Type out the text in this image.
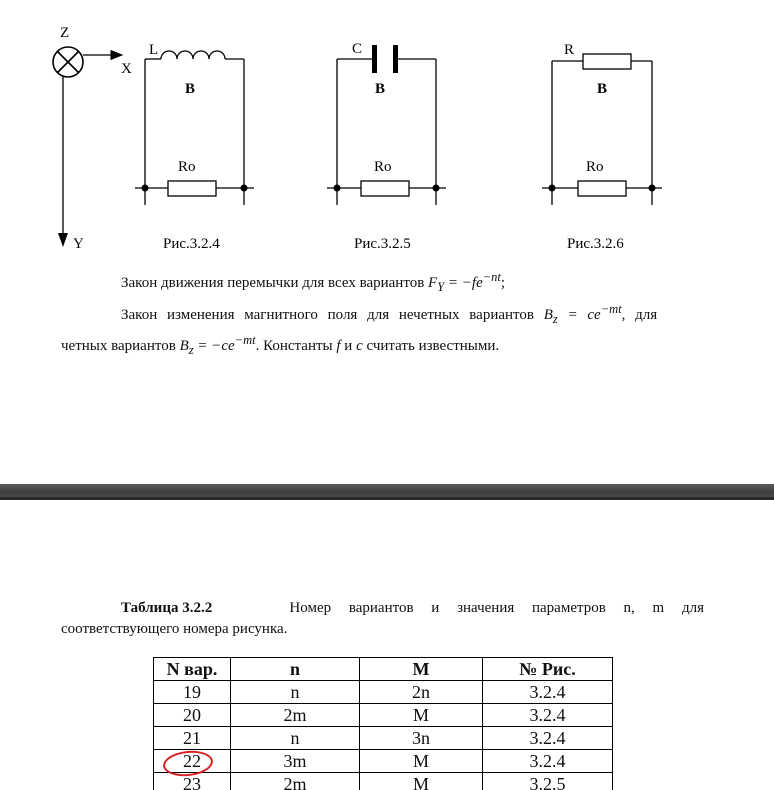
Z
X
Y
L
B
Ro
Рис.3.2.4
C
B
Ro
Рис.3.2.5
R
B
Ro
Рис.3.2.6
Закон движения перемычки для всех вариантов $F_Y = -fe^{-nt}$;
Закон изменения магнитного поля для нечетных вариантов $B_z = ce^{-mt}$, для
четных вариантов $B_z = -ce^{-mt}$. Константы f и c считать известными.
Таблица 3.2.2	Номер вариантов и значения параметров n, m для
соответствующего номера рисунка.
N вар.	n	M	№ Рис.
19	n	2n	3.2.4
20	2m	M	3.2.4
21	n	3n	3.2.4
22	3m	M	3.2.4
23	2m	M	3.2.5
